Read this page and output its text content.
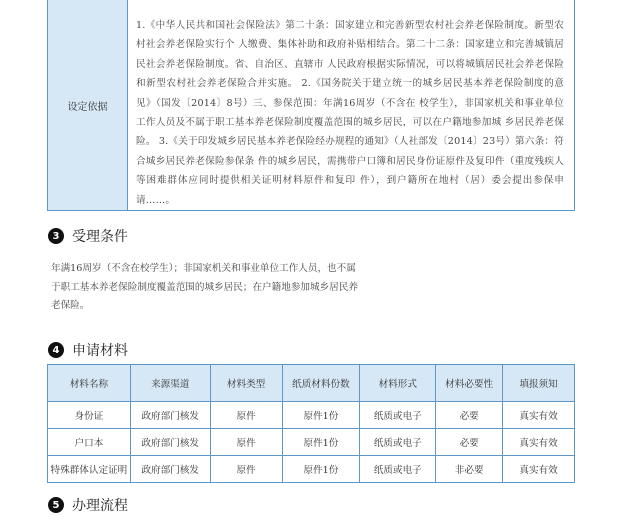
设定依据
1.《中华人民共和国社会保险法》第二十条：国家建立和完善新型农村社会养老保险制度。新型农村社会养老保险实行个 人缴费、集体补助和政府补贴相结合。第二十二条：国家建立和完善城镇居民社会养老保险制度。省、自治区、直辖市 人民政府根据实际情况，可以将城镇居民社会养老保险和新型农村社会养老保险合并实施。 2.《国务院关于建立统一的城乡居民基本养老保险制度的意见》（国发〔2014〕8号）三、参保范围：年满16周岁（不含在 校学生），非国家机关和事业单位工作人员及不属于职工基本养老保险制度覆盖范围的城乡居民，可以在户籍地参加城 乡居民养老保险。 3.《关于印发城乡居民基本养老保险经办规程的通知》（人社部发〔2014〕23号）第六条：符合城乡居民养老保险参保条 件的城乡居民，需携带户口簿和居民身份证原件及复印件（重度残疾人等困难群体应同时提供相关证明材料原件和复印 件），到户籍所在地村（居）委会提出参保申请……。
3 受理条件
年满16周岁（不含在校学生）；非国家机关和事业单位工作人员，也不属
于职工基本养老保险制度覆盖范围的城乡居民；在户籍地参加城乡居民养
老保险。
4 申请材料
材料名称	来源渠道	材料类型	纸质材料份数	材料形式	材料必要性	填报须知
身份证	政府部门核发	原件	原件1份	纸质或电子	必要	真实有效
户口本	政府部门核发	原件	原件1份	纸质或电子	必要	真实有效
特殊群体认定证明	政府部门核发	原件	原件1份	纸质或电子	非必要	真实有效
5 办理流程
